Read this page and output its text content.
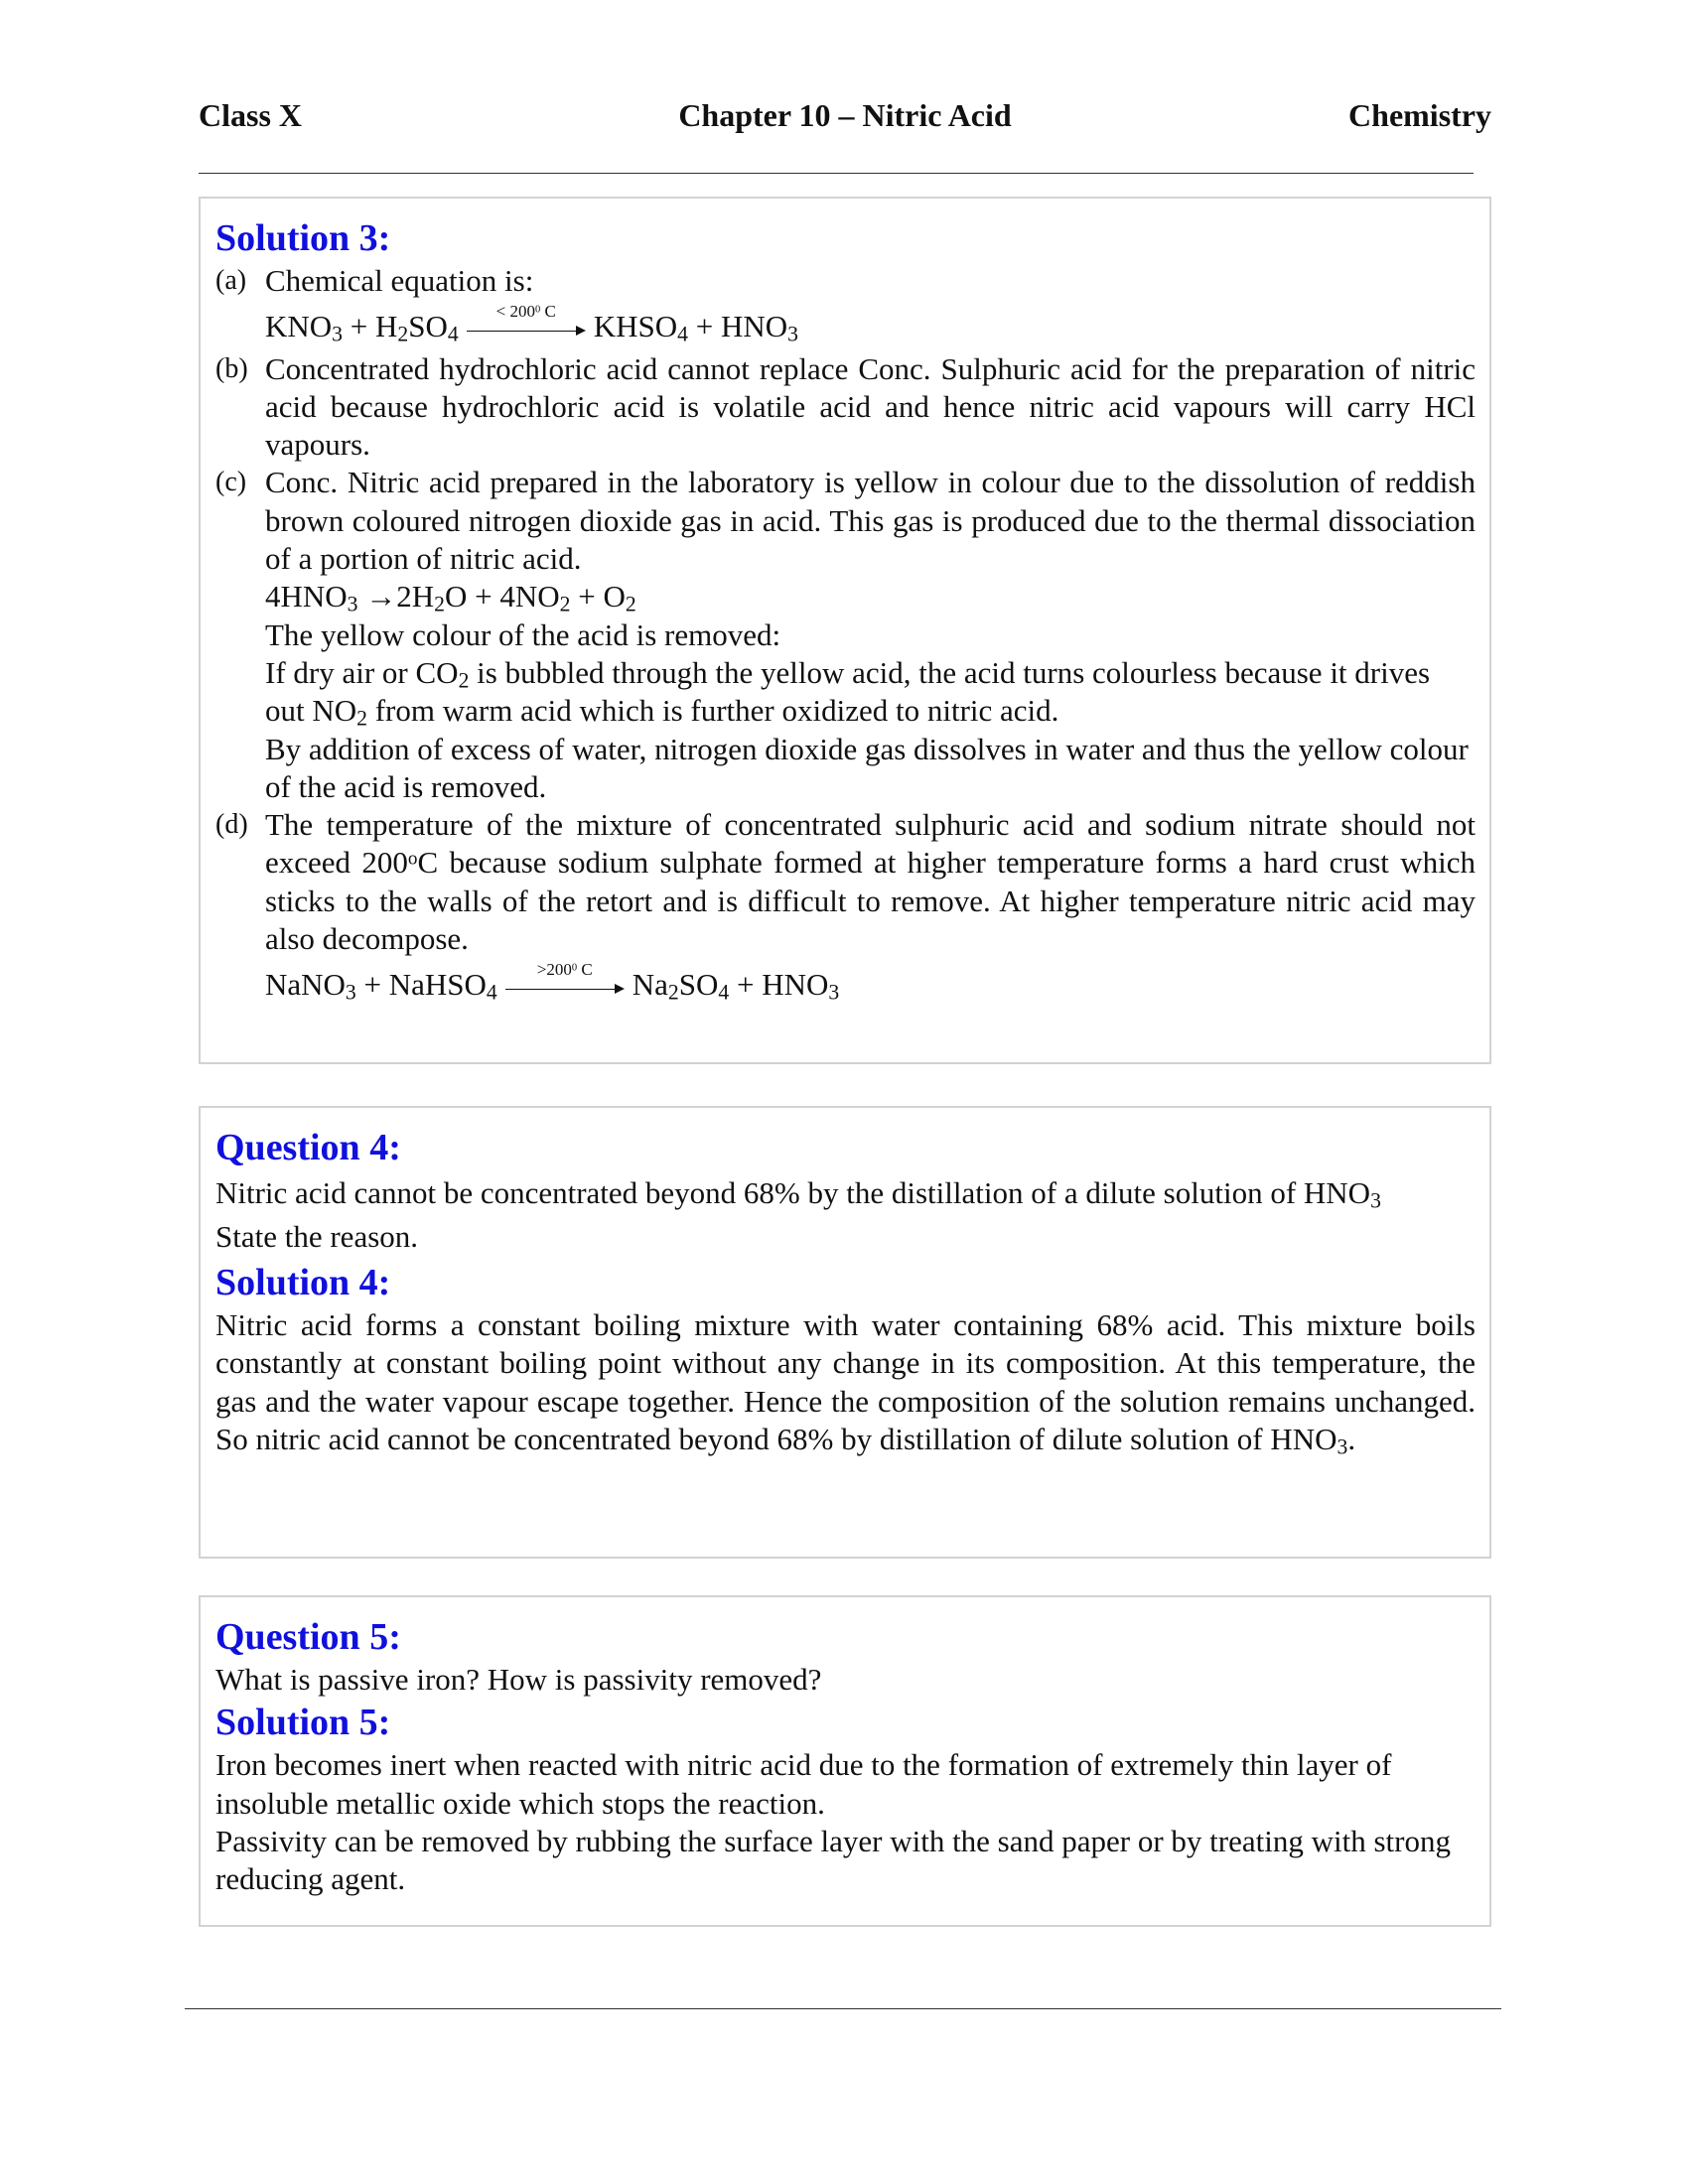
Class X	Chapter 10 – Nitric Acid	Chemistry

Solution 3:

(a) Chemical equation is:

$KNO_3 + H_2SO_4$
< $200^0$ C	$KHSO_4 + HNO_3$

(b) Concentrated hydrochloric acid cannot replace Conc. Sulphuric acid for the preparation of nitric acid because hydrochloric acid is volatile acid and hence nitric acid vapours will carry HCl vapours.

(c) Conc. Nitric acid prepared in the laboratory is yellow in colour due to the dissolution of reddish brown coloured nitrogen dioxide gas in acid. This gas is produced due to the thermal dissociation of a portion of nitric acid.

$4HNO_3 \to 2H_2O + 4NO_2 + O_2$

The yellow colour of the acid is removed:

If dry air or $CO_2$ is bubbled through the yellow acid, the acid turns colourless because it drives out $NO_2$ from warm acid which is further oxidized to nitric acid.

By addition of excess of water, nitrogen dioxide gas dissolves in water and thus the yellow colour of the acid is removed.

(d) The temperature of the mixture of concentrated sulphuric acid and sodium nitrate should not exceed 200$^o$C because sodium sulphate formed at higher temperature forms a hard crust which sticks to the walls of the retort and is difficult to remove. At higher temperature nitric acid may also decompose.

NaNO$_3$ + NaHSO$_4$
$>200^0$ C	$Na_2SO_4 + HNO_3$

Question 4:

Nitric acid cannot be concentrated beyond 68% by the distillation of a dilute solution of $HNO_3$
State the reason.

Solution 4:

Nitric acid forms a constant boiling mixture with water containing 68% acid. This mixture boils constantly at constant boiling point without any change in its composition. At this temperature, the gas and the water vapour escape together. Hence the composition of the solution remains unchanged. So nitric acid cannot be concentrated beyond 68% by distillation of dilute solution of $HNO_3$.

Question 5:

What is passive iron? How is passivity removed?

Solution 5:

Iron becomes inert when reacted with nitric acid due to the formation of extremely thin layer of insoluble metallic oxide which stops the reaction.

Passivity can be removed by rubbing the surface layer with the sand paper or by treating with strong reducing agent.
